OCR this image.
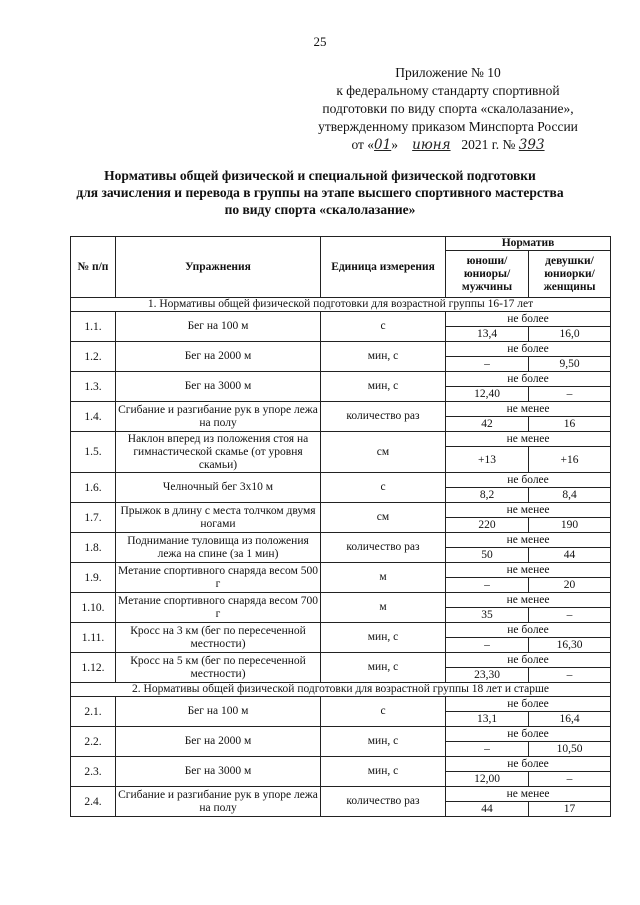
25
Приложение № 10
к федеральному стандарту спортивной
подготовки по виду спорта «скалолазание»,
утвержденному приказом Минспорта России
от «01» июня 2021 г. № 393
Нормативы общей физической и специальной физической подготовки
для зачисления и перевода в группы на этапе высшего спортивного мастерства
по виду спорта «скалолазание»
№ п/п	Упражнения	Единица измерения	Норматив	
			юноши/ юниоры/ мужчины	девушки/ юниорки/ женщины
1. Нормативы общей физической подготовки для возрастной группы 16-17 лет				
1.1.	Бег на 100 м	с	не более	
			13,4	16,0
1.2.	Бег на 2000 м	мин, с	не более	
			–	9,50
1.3.	Бег на 3000 м	мин, с	не более	
			12,40	–
1.4.	Сгибание и разгибание рук в упоре лежа на полу	количество раз	не менее	
			42	16
1.5.	Наклон вперед из положения стоя на гимнастической скамье (от уровня скамьи)	см	не менее	
			+13	+16
1.6.	Челночный бег 3x10 м	с	не более	
			8,2	8,4
1.7.	Прыжок в длину с места толчком двумя ногами	см	не менее	
			220	190
1.8.	Поднимание туловища из положения лежа на спине (за 1 мин)	количество раз	не менее	
			50	44
1.9.	Метание спортивного снаряда весом 500 г	м	не менее	
			–	20
1.10.	Метание спортивного снаряда весом 700 г	м	не менее	
			35	–
1.11.	Кросс на 3 км (бег по пересеченной местности)	мин, с	не более	
			–	16,30
1.12.	Кросс на 5 км (бег по пересеченной местности)	мин, с	не более	
			23,30	–
2. Нормативы общей физической подготовки для возрастной группы 18 лет и старше				
2.1.	Бег на 100 м	с	не более	
			13,1	16,4
2.2.	Бег на 2000 м	мин, с	не более	
			–	10,50
2.3.	Бег на 3000 м	мин, с	не более	
			12,00	–
2.4.	Сгибание и разгибание рук в упоре лежа на полу	количество раз	не менее	
			44	17
